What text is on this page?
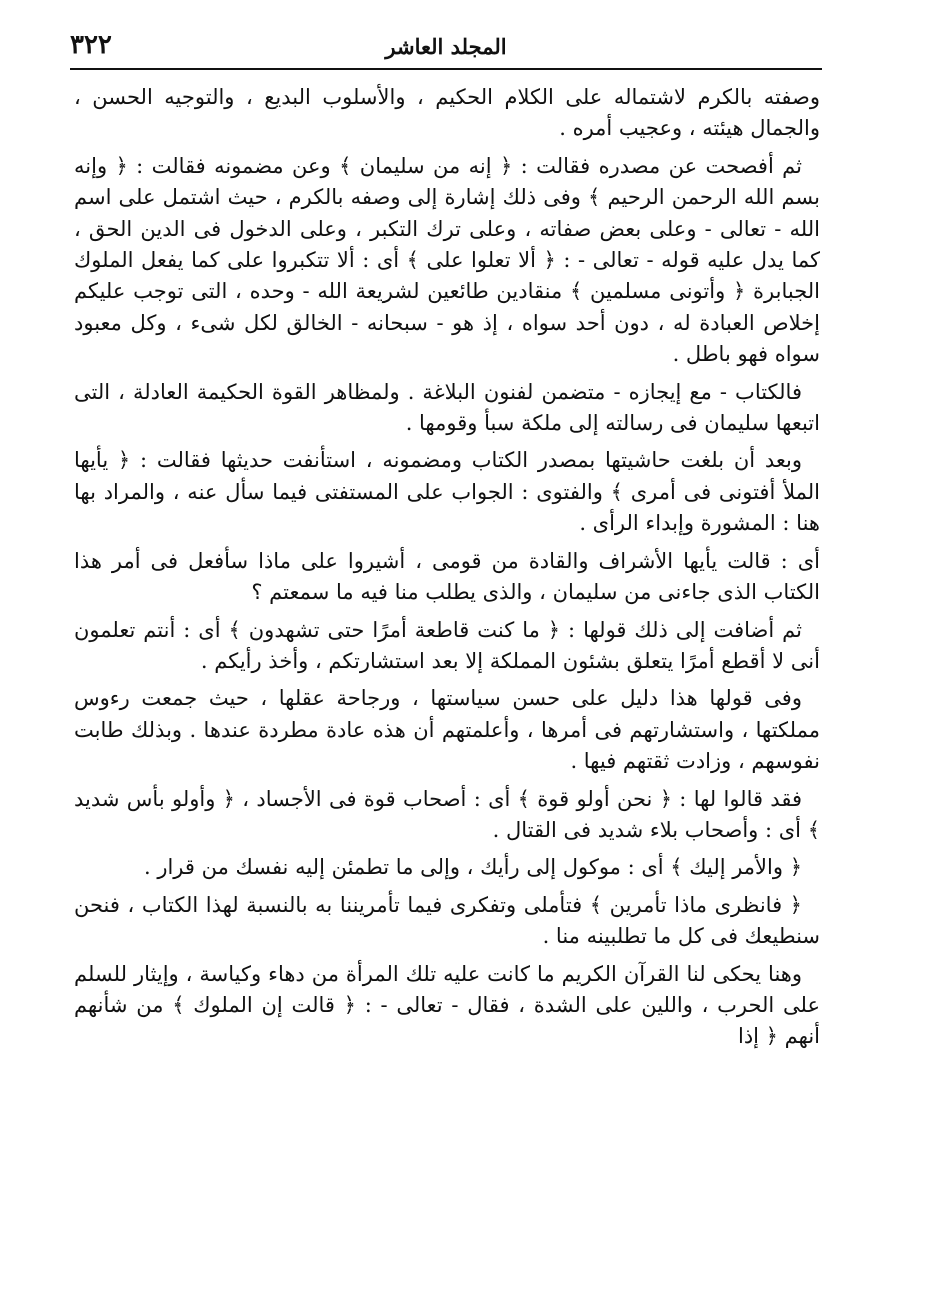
٣٢٢	المجلد العاشر

وصفته بالكرم لاشتماله على الكلام الحكيم ، والأسلوب البديع ، والتوجيه الحسن ، والجمال هيئته ، وعجيب أمره .

ثم أفصحت عن مصدره فقالت : ﴿ إنه من سليمان ﴾ وعن مضمونه فقالت : ﴿ وإنه بسم الله الرحمن الرحيم ﴾ وفى ذلك إشارة إلى وصفه بالكرم ، حيث اشتمل على اسم الله - تعالى - وعلى بعض صفاته ، وعلى ترك التكبر ، وعلى الدخول فى الدين الحق ، كما يدل عليه قوله - تعالى - : ﴿ ألا تعلوا على ﴾ أى : ألا تتكبروا على كما يفعل الملوك الجبابرة ﴿ وأتونى مسلمين ﴾ منقادين طائعين لشريعة الله - وحده ، التى توجب عليكم إخلاص العبادة له ، دون أحد سواه ، إذ هو - سبحانه - الخالق لكل شىء ، وكل معبود سواه فهو باطل .

فالكتاب - مع إيجازه - متضمن لفنون البلاغة . ولمظاهر القوة الحكيمة العادلة ، التى اتبعها سليمان فى رسالته إلى ملكة سبأ وقومها .

وبعد أن بلغت حاشيتها بمصدر الكتاب ومضمونه ، استأنفت حديثها فقالت : ﴿ يأيها الملأ أفتونى فى أمرى ﴾ والفتوى : الجواب على المستفتى فيما سأل عنه ، والمراد بها هنا : المشورة وإبداء الرأى .

أى : قالت يأيها الأشراف والقادة من قومى ، أشيروا على ماذا سأفعل فى أمر هذا الكتاب الذى جاءنى من سليمان ، والذى يطلب منا فيه ما سمعتم ؟

ثم أضافت إلى ذلك قولها : ﴿ ما كنت قاطعة أمرًا حتى تشهدون ﴾ أى : أنتم تعلمون أنى لا أقطع أمرًا يتعلق بشئون المملكة إلا بعد استشارتكم ، وأخذ رأيكم .

وفى قولها هذا دليل على حسن سياستها ، ورجاحة عقلها ، حيث جمعت رءوس مملكتها ، واستشارتهم فى أمرها ، وأعلمتهم أن هذه عادة مطردة عندها . وبذلك طابت نفوسهم ، وزادت ثقتهم فيها .

فقد قالوا لها : ﴿ نحن أولو قوة ﴾ أى : أصحاب قوة فى الأجساد ، ﴿ وأولو بأس شديد ﴾ أى : وأصحاب بلاء شديد فى القتال .

﴿ والأمر إليك ﴾ أى : موكول إلى رأيك ، وإلى ما تطمئن إليه نفسك من قرار .

﴿ فانظرى ماذا تأمرين ﴾ فتأملى وتفكرى فيما تأمريننا به بالنسبة لهذا الكتاب ، فنحن سنطيعك فى كل ما تطلبينه منا .

وهنا يحكى لنا القرآن الكريم ما كانت عليه تلك المرأة من دهاء وكياسة ، وإيثار للسلم على الحرب ، واللين على الشدة ، فقال - تعالى - : ﴿ قالت إن الملوك ﴾ من شأنهم أنهم ﴿ إذا
